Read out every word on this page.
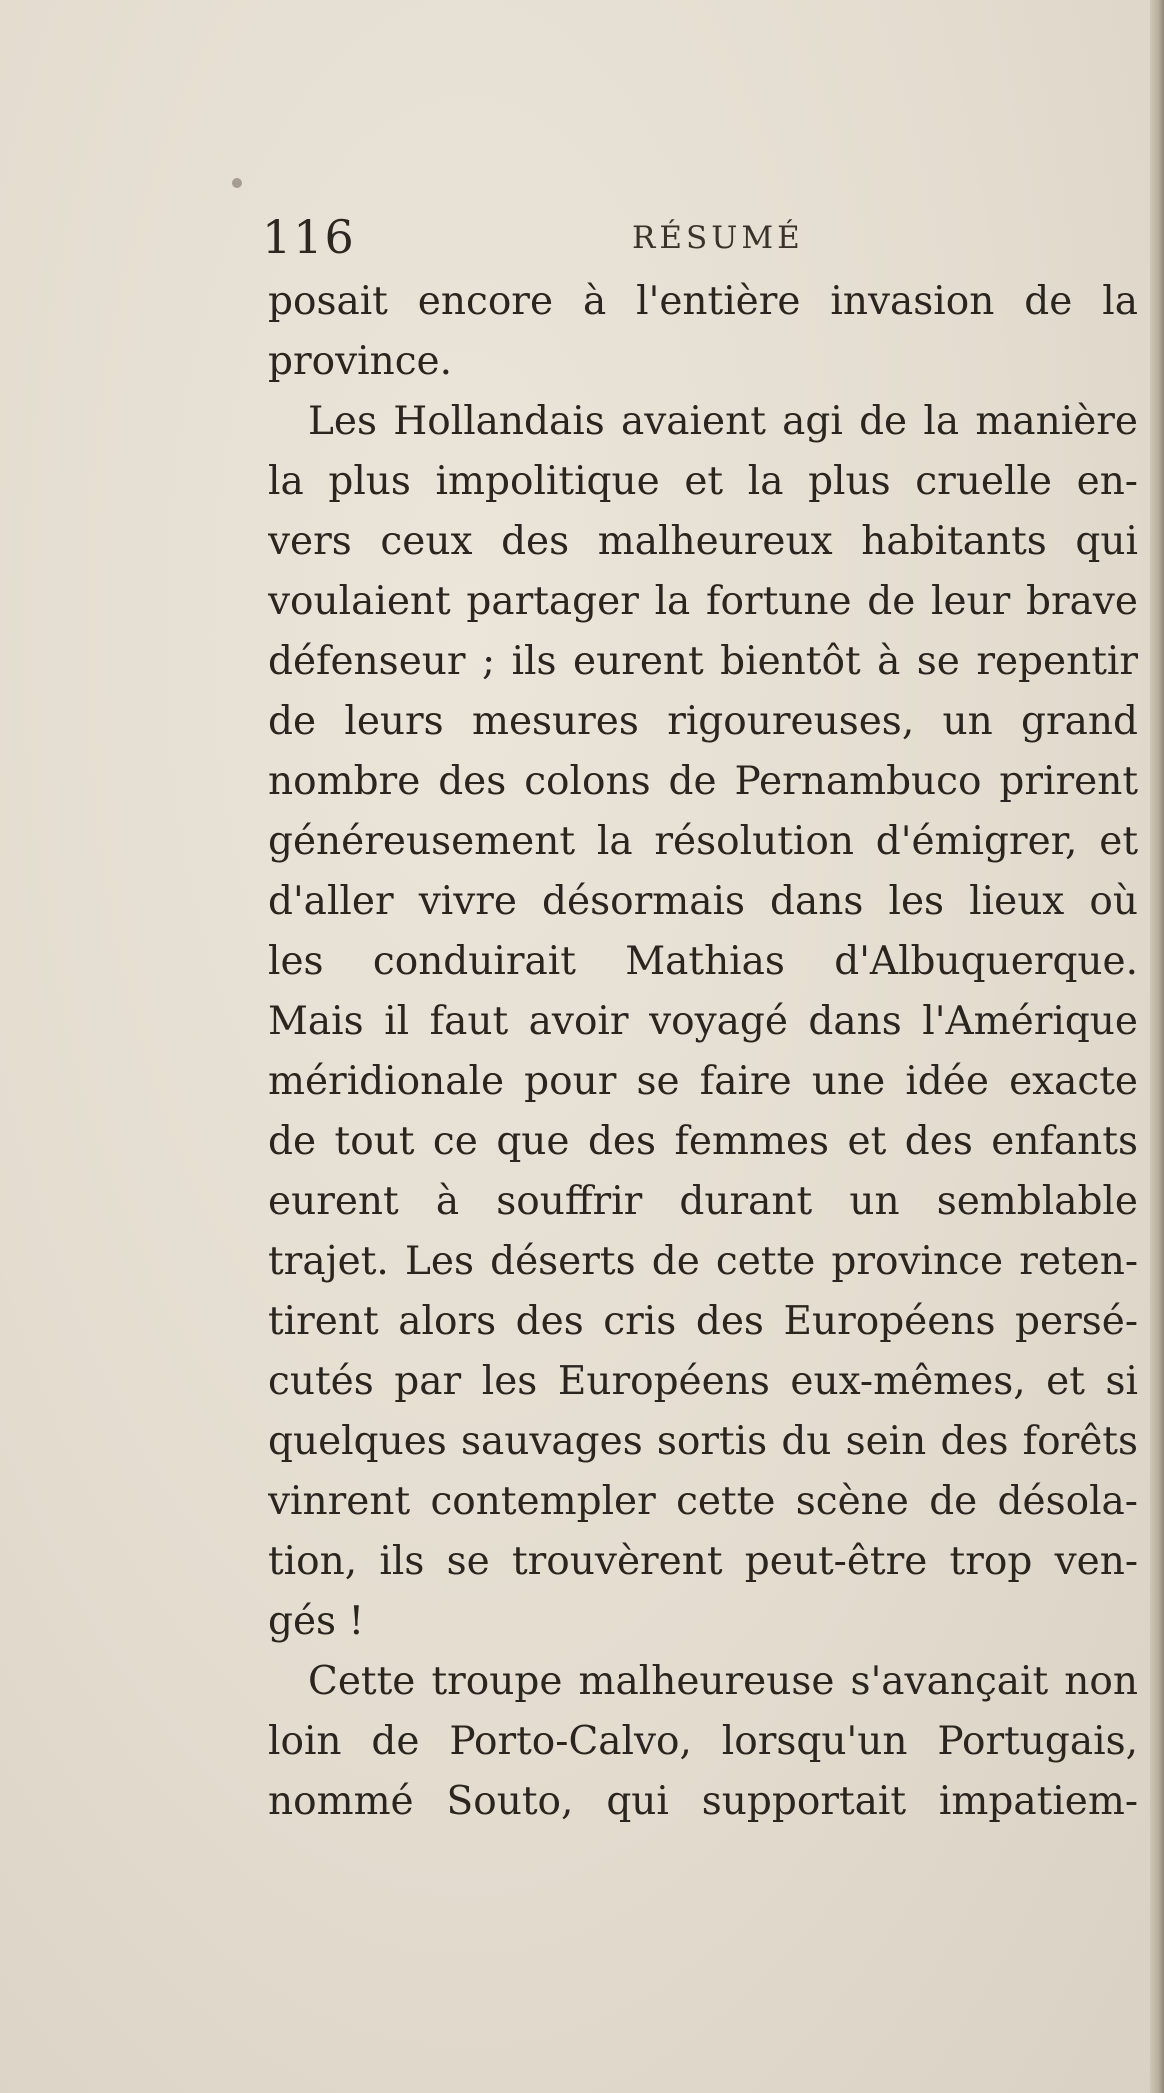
116	RÉSUMÉ
posait encore à l'entière invasion de la
province.
Les Hollandais avaient agi de la manière
la plus impolitique et la plus cruelle en-
vers ceux des malheureux habitants qui
voulaient partager la fortune de leur brave
défenseur ; ils eurent bientôt à se repentir
de leurs mesures rigoureuses, un grand
nombre des colons de Pernambuco prirent
généreusement la résolution d'émigrer, et
d'aller vivre désormais dans les lieux où
les conduirait Mathias d'Albuquerque.
Mais il faut avoir voyagé dans l'Amérique
méridionale pour se faire une idée exacte
de tout ce que des femmes et des enfants
eurent à souffrir durant un semblable
trajet. Les déserts de cette province reten-
tirent alors des cris des Européens persé-
cutés par les Européens eux-mêmes, et si
quelques sauvages sortis du sein des forêts
vinrent contempler cette scène de désola-
tion, ils se trouvèrent peut-être trop ven-
gés !
Cette troupe malheureuse s'avançait non
loin de Porto-Calvo, lorsqu'un Portugais,
nommé Souto, qui supportait impatiem-
